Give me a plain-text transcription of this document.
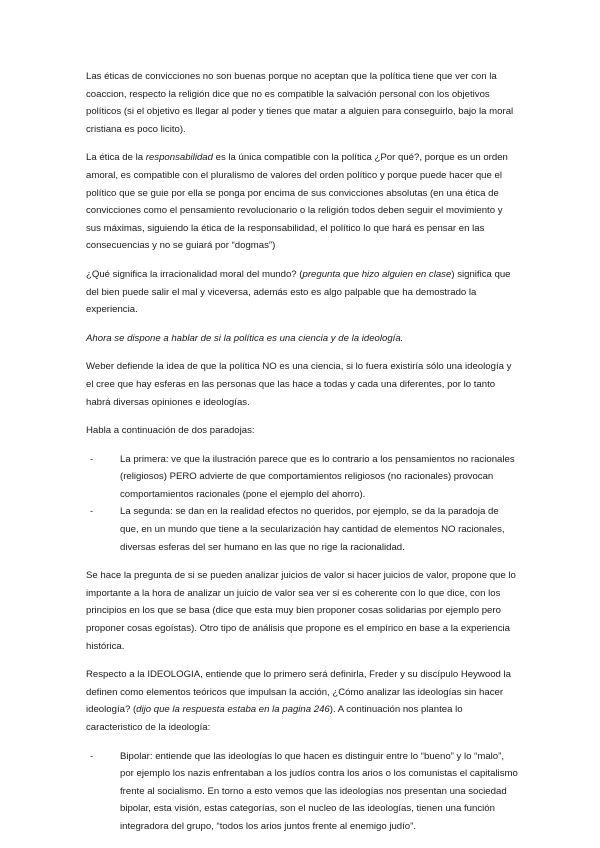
Las éticas de convicciones no son buenas porque no aceptan que la política tiene que ver con la coaccion, respecto la religión dice que no es compatible la salvación personal con los objetivos políticos (si el objetivo es llegar al poder y tienes que matar a alguien para conseguirlo, bajo la moral cristiana es poco licito).

La ética de la responsabilidad es la única compatible con la política ¿Por qué?, porque es un orden amoral, es compatible con el pluralismo de valores del orden político y porque puede hacer que el político que se guie por ella se ponga por encima de sus convicciones absolutas (en una ética de convicciones como el pensamiento revolucionario o la religión todos deben seguir el movimiento y sus máximas, siguiendo la ética de la responsabilidad, el político lo que hará es pensar en las consecuencias y no se guiará por “dogmas”)

¿Qué significa la irracionalidad moral del mundo? (pregunta que hizo alguien en clase) significa que del bien puede salir el mal y viceversa, además esto es algo palpable que ha demostrado la experiencia.

Ahora se dispone a hablar de si la política es una ciencia y de la ideología.

Weber defiende la idea de que la política NO es una ciencia, si lo fuera existiría sólo una ideología y el cree que hay esferas en las personas que las hace a todas y cada una diferentes, por lo tanto habrá diversas opiniones e ideologías.

Habla a continuación de dos paradojas:

-	La primera: ve que la ilustración parece que es lo contrario a los pensamientos no racionales (religiosos) PERO advierte de que comportamientos religiosos (no racionales) provocan comportamientos racionales (pone el ejemplo del ahorro).
-	La segunda: se dan en la realidad efectos no queridos, por ejemplo, se da la paradoja de que, en un mundo que tiene a la secularización hay cantidad de elementos NO racionales, diversas esferas del ser humano en las que no rige la racionalidad.

Se hace la pregunta de si se pueden analizar juicios de valor si hacer juicios de valor, propone que lo importante a la hora de analizar un juicio de valor sea ver si es coherente con lo que dice, con los principios en los que se basa (dice que esta muy bien proponer cosas solidarias por ejemplo pero proponer cosas egoístas). Otro tipo de análisis que propone es el empírico en base a la experiencia histórica.

Respecto a la IDEOLOGIA, entiende que lo primero será definirla, Freder y su discípulo Heywood la definen como elementos teóricos que impulsan la acción, ¿Cómo analizar las ideologías sin hacer ideología? (dijo que la respuesta estaba en la pagina 246). A continuación nos plantea lo caracteristico de la ideología:

-	Bipolar: entiende que las ideologías lo que hacen es distinguir entre lo “bueno” y lo “malo”, por ejemplo los nazis enfrentaban a los judíos contra los arios o los comunistas el capitalismo frente al socialismo. En torno a esto vemos que las ideologías nos presentan una sociedad bipolar, esta visión, estas categorías, son el nucleo de las ideologías, tienen una función integradora del grupo, “todos los arios juntos frente al enemigo judío”.
